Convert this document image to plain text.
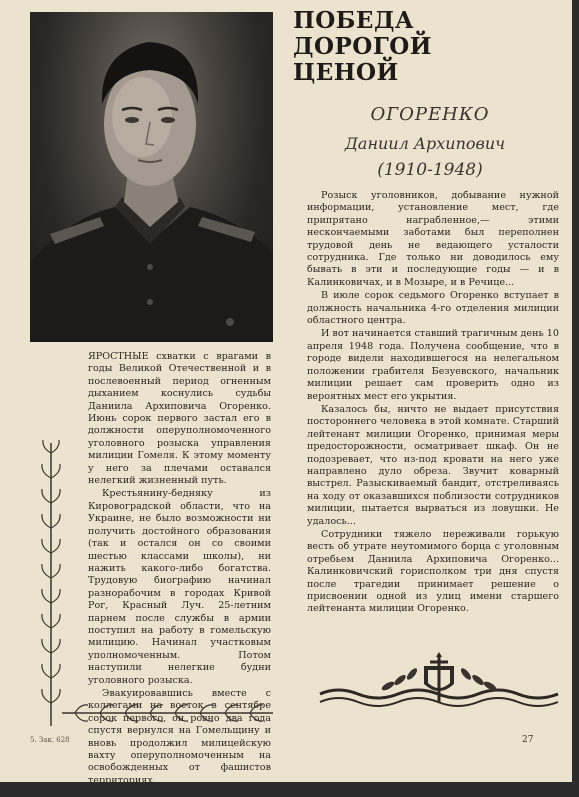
ПОБЕДА
ДОРОГОЙ
ЦЕНОЙ
ОГОРЕНКО
Даниил Архипович
(1910-1948)

ЯРОСТНЫЕ схватки с врагами в годы Великой Отечественной и в послевоенный период огненным дыханием коснулись судьбы Даниила Архиповича Огоренко. Июнь сорок первого застал его в должности оперуполномоченного уголовного розыска управления милиции Гомеля. К этому моменту у него за плечами оставался нелегкий жизненный путь.

Крестьянину-бедняку из Кировоградской области, что на Украине, не было возможности ни получить достойного образования (так и остался он со своими шестью классами школы), ни нажить какого-либо богатства. Трудовую биографию начинал разнорабочим в городах Кривой Рог, Красный Луч. 25-летним парнем после службы в армии поступил на работу в гомельскую милицию. Начинал участковым уполномоченным. Потом наступили нелегкие будни уголовного розыска.

Эвакуировавшись вместе с коллегами на восток в сентябре сорок первого, он ровно два года спустя вернулся на Гомельщину и вновь продолжил милицейскую вахту оперуполномоченным на освобожденных от фашистов территориях.

Розыск уголовников, добывание нужной информации, установление мест, где припрятано награбленное,— этими нескончаемыми заботами был переполнен трудовой день не ведающего усталости сотрудника. Где только ни доводилось ему бывать в эти и последующие годы — и в Калинковичах, и в Мозыре, и в Речице...

В июле сорок седьмого Огоренко вступает в должность начальника 4-го отделения милиции областного центра.

И вот начинается ставший трагичным день 10 апреля 1948 года. Получена сообщение, что в городе видели находившегося на нелегальном положении грабителя Безуевского, начальник милиции решает сам проверить одно из вероятных мест его укрытия.

Казалось бы, ничто не выдает присутствия постороннего человека в этой комнате. Старший лейтенант милиции Огоренко, принимая меры предосторожности, осматривает шкаф. Он не подозревает, что из-под кровати на него уже направлено дуло обреза. Звучит коварный выстрел. Разыскиваемый бандит, отстреливаясь на ходу от оказавшихся поблизости сотрудников милиции, пытается вырваться из ловушки. Не удалось...

Сотрудники тяжело переживали горькую весть об утрате неутомимого борца с уголовным отребьем Даниила Архиповича Огоренко... Калинковичский горисполком три дня спустя после трагедии принимает решение о присвоении одной из улиц имени старшего лейтенанта милиции Огоренко.

5. Зак. 628	27
